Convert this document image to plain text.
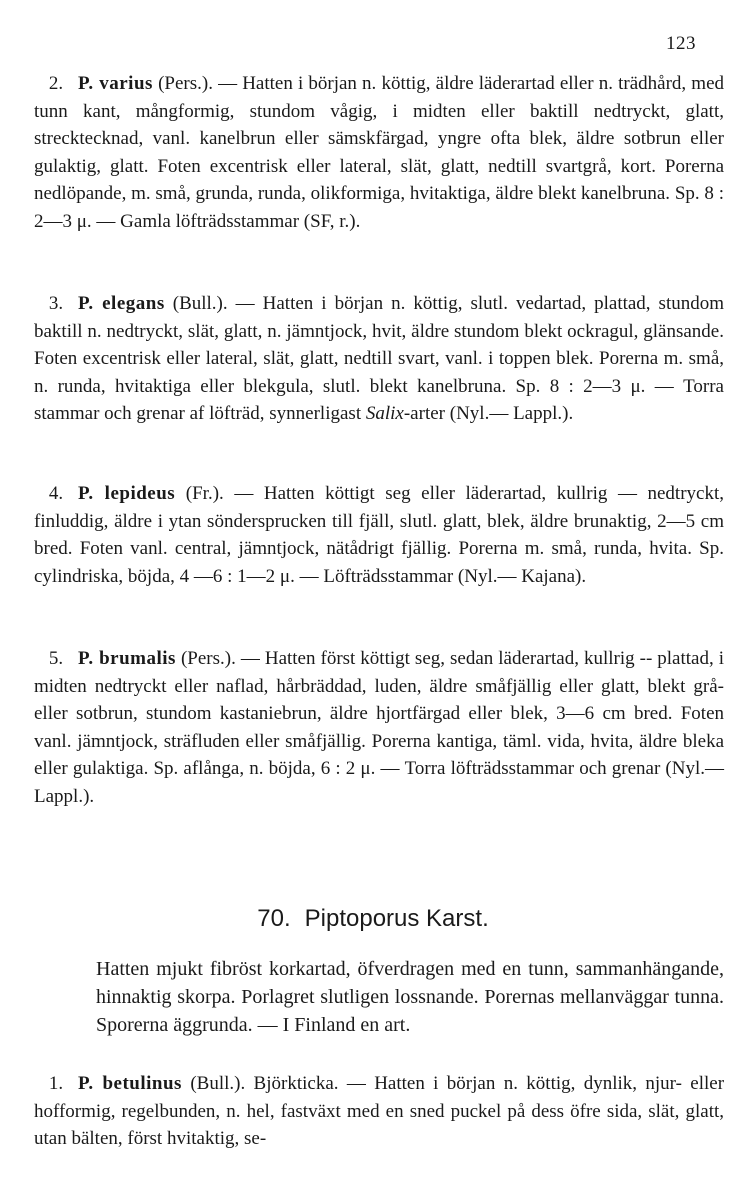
123

2. P. varius (Pers.). — Hatten i början n. köttig, äldre läderartad eller n. trädhård, med tunn kant, mångformig, stundom vågig, i midten eller baktill nedtryckt, glatt, strecktecknad, vanl. kanelbrun eller sämskfärgad, yngre ofta blek, äldre sotbrun eller gulaktig, glatt. Foten excentrisk eller lateral, slät, glatt, nedtill svartgrå, kort. Porerna nedlöpande, m. små, grunda, runda, olikformiga, hvitaktiga, äldre blekt kanelbruna. Sp. 8 : 2—3 μ. — Gamla löfträdsstammar (SF, r.).

3. P. elegans (Bull.). — Hatten i början n. köttig, slutl. vedartad, plattad, stundom baktill n. nedtryckt, slät, glatt, n. jämntjock, hvit, äldre stundom blekt ockragul, glänsande. Foten excentrisk eller lateral, slät, glatt, nedtill svart, vanl. i toppen blek. Porerna m. små, n. runda, hvitaktiga eller blekgula, slutl. blekt kanelbruna. Sp. 8 : 2—3 μ. — Torra stammar och grenar af löfträd, synnerligast Salix-arter (Nyl.— Lappl.).

4. P. lepideus (Fr.). — Hatten köttigt seg eller läderartad, kullrig — nedtryckt, finluddig, äldre i ytan sönderspruckеn till fjäll, slutl. glatt, blek, äldre brunaktig, 2—5 cm bred. Foten vanl. central, jämntjock, nätådrigt fjällig. Porerna m. små, runda, hvita. Sp. cylindriska, böjda, 4 —6 : 1—2 μ. — Löfträdsstammar (Nyl.— Kajana).

5. P. brumalis (Pers.). — Hatten först köttigt seg, sedan läderartad, kullrig -- plattad, i midten nedtryckt eller naflad, hårbräddad, luden, äldre småfjällig eller glatt, blekt grå- eller sotbrun, stundom kastaniebrun, äldre hjortfärgad eller blek, 3—6 cm bred. Foten vanl. jämntjock, sträfluden eller småfjällig. Porerna kantiga, täml. vida, hvita, äldre bleka eller gulaktiga. Sp. aflånga, n. böjda, 6 : 2 μ. — Torra löfträdsstammar och grenar (Nyl.—Lappl.).

70. Piptoporus Karst.
Hatten mjukt fibröst korkartad, öfverdragen med en tunn, sammanhängande, hinnaktig skorpa. Porlagret slutligen lossnande. Porernas mellanväggar tunna. Sporerna äggrunda. — I Finland en art.

1. P. betulinus (Bull.). Björkticka. — Hatten i början n. köttig, dynlik, njur- eller hofformig, regelbunden, n. hel, fastväxt med en sned puckel på dess öfre sida, slät, glatt, utan bälten, först hvitaktig, se-
